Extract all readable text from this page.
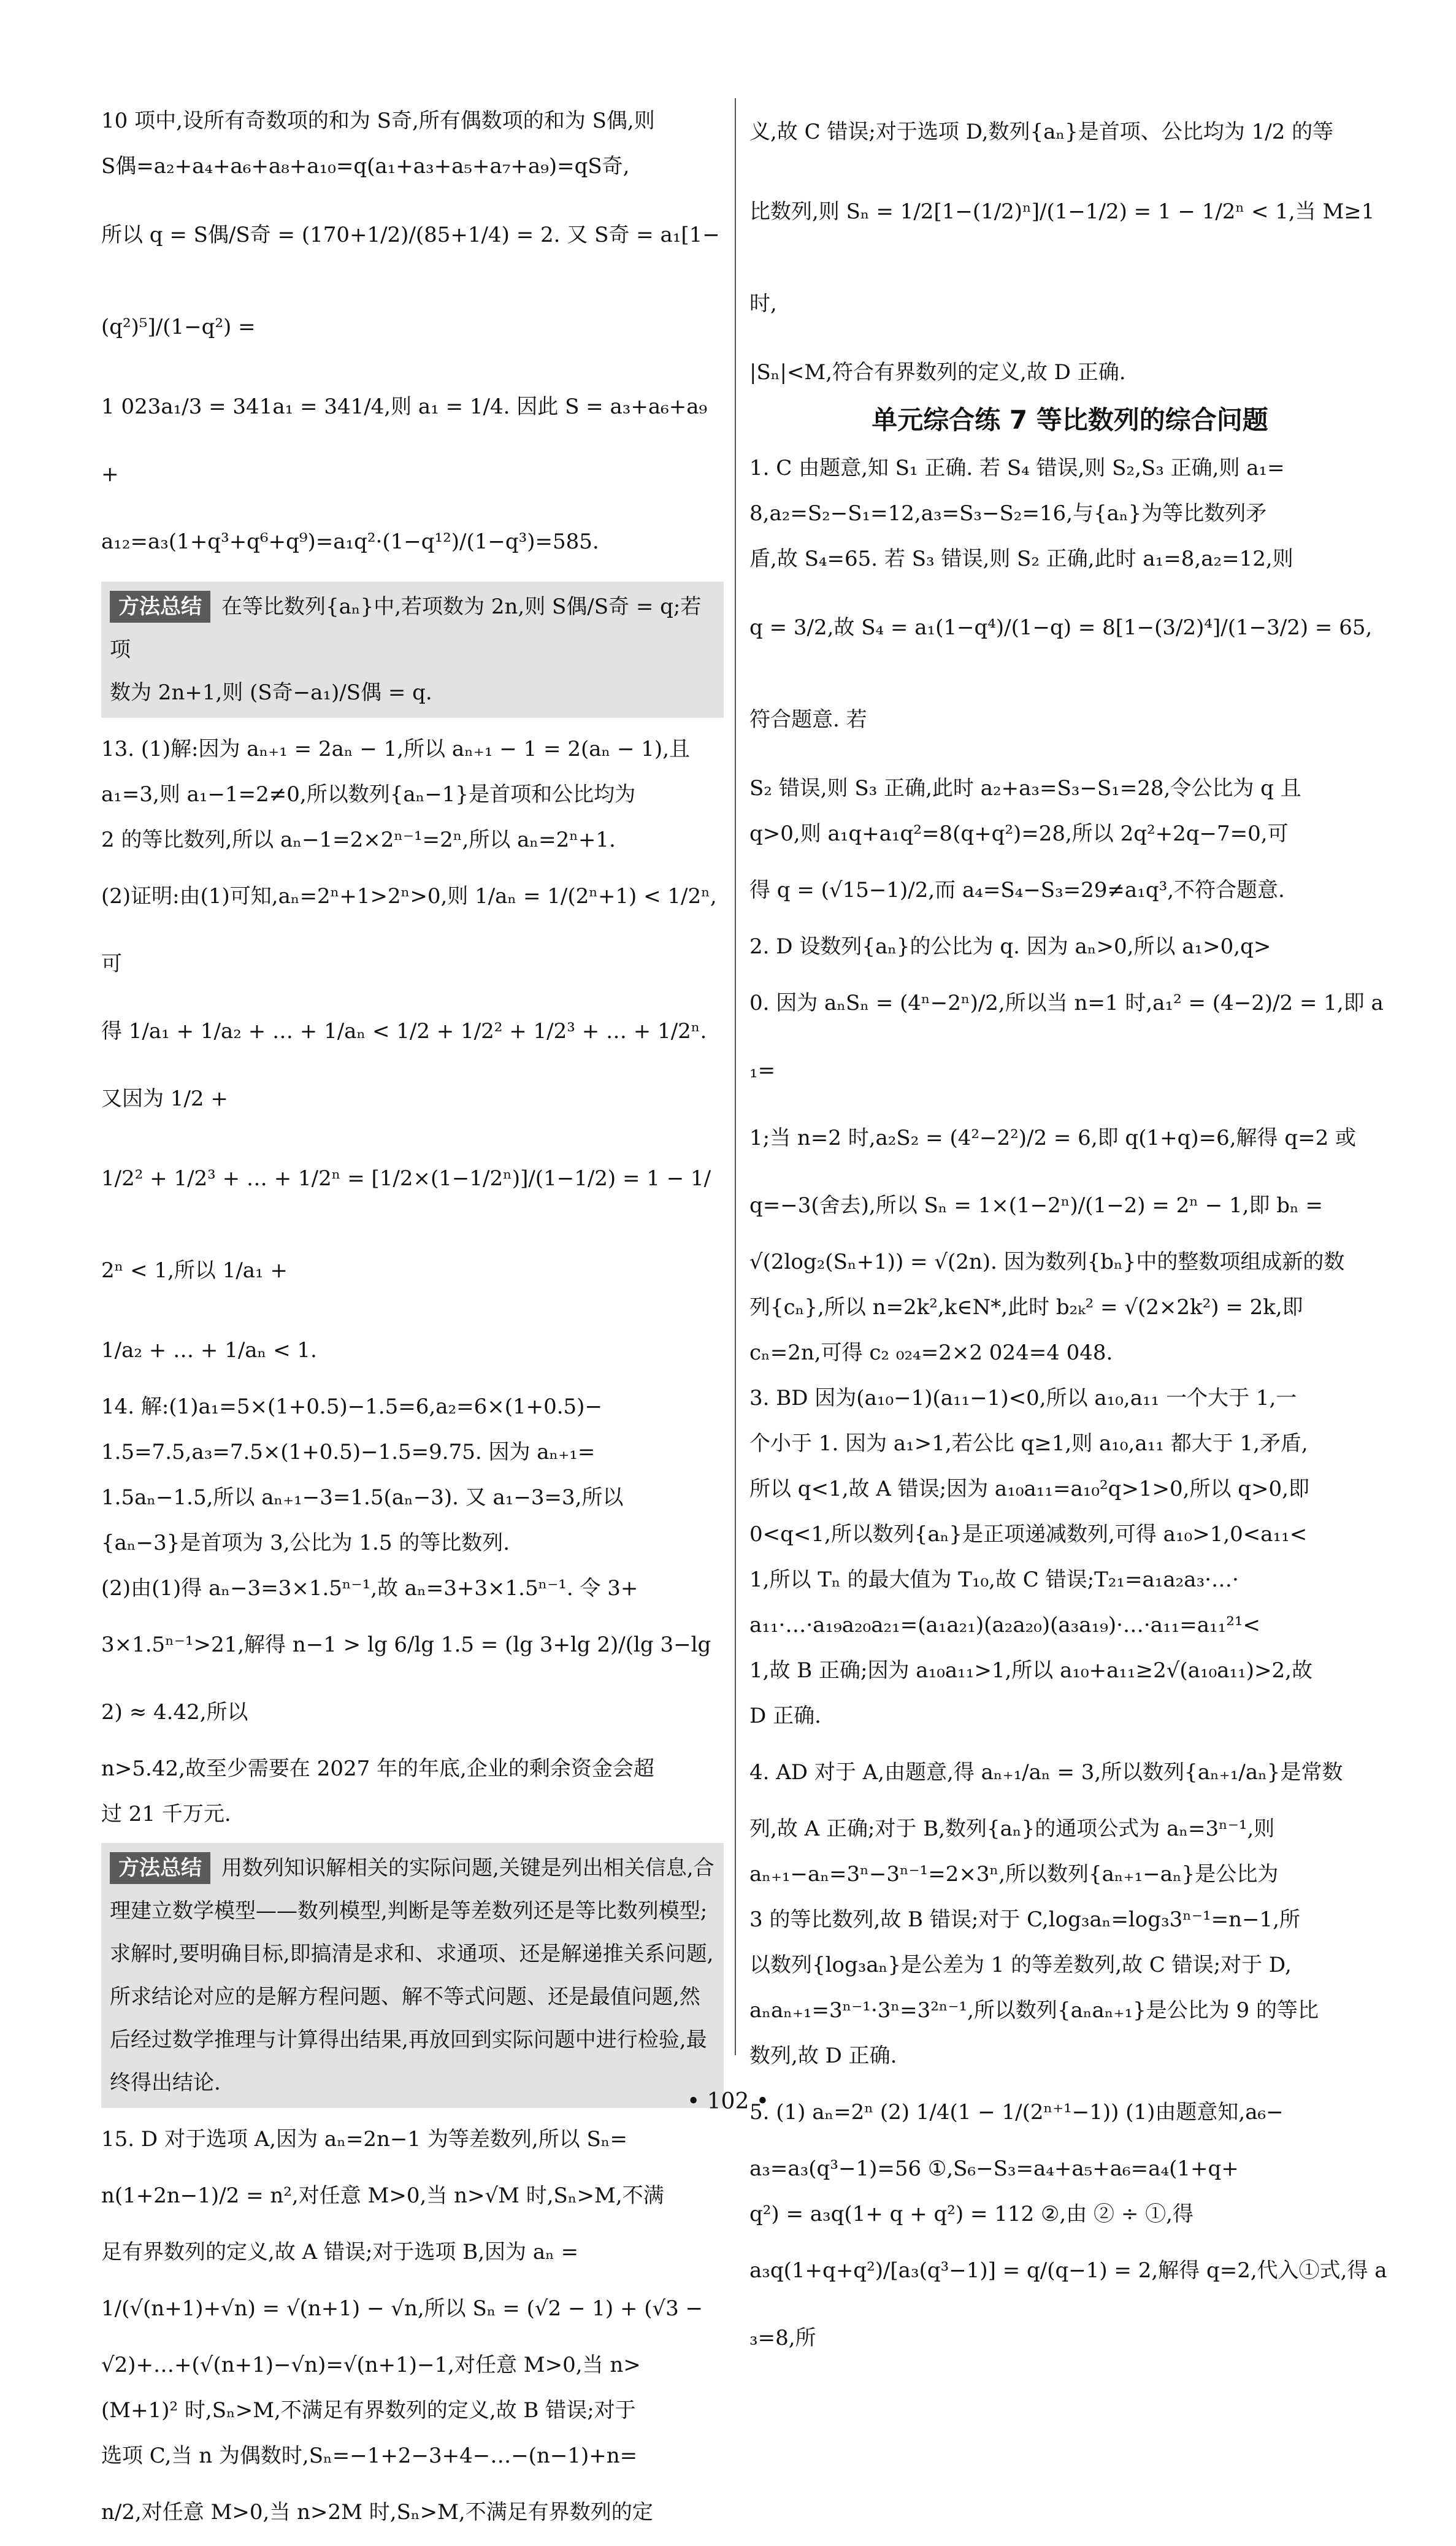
10 项中,设所有奇数项的和为 S奇,所有偶数项的和为 S偶,则
S偶=a₂+a₄+a₆+a₈+a₁₀=q(a₁+a₃+a₅+a₇+a₉)=qS奇,
所以 q = S偶/S奇 = (170+1/2)/(85+1/4) = 2. 又 S奇 = a₁[1−(q²)⁵]/(1−q²) =
1 023a₁/3 = 341a₁ = 341/4,则 a₁ = 1/4. 因此 S = a₃+a₆+a₉+
a₁₂=a₃(1+q³+q⁶+q⁹)=a₁q²·(1−q¹²)/(1−q³)=585.
方法总结 在等比数列{aₙ}中,若项数为 2n,则 S偶/S奇 = q;若项
数为 2n+1,则 (S奇−a₁)/S偶 = q.
13. (1)解:因为 aₙ₊₁ = 2aₙ − 1,所以 aₙ₊₁ − 1 = 2(aₙ − 1),且
a₁=3,则 a₁−1=2≠0,所以数列{aₙ−1}是首项和公比均为
2 的等比数列,所以 aₙ−1=2×2ⁿ⁻¹=2ⁿ,所以 aₙ=2ⁿ+1.
(2)证明:由(1)可知,aₙ=2ⁿ+1>2ⁿ>0,则 1/aₙ = 1/(2ⁿ+1) < 1/2ⁿ,可
得 1/a₁ + 1/a₂ + … + 1/aₙ < 1/2 + 1/2² + 1/2³ + … + 1/2ⁿ. 又因为 1/2 +
1/2² + 1/2³ + … + 1/2ⁿ = [1/2×(1−1/2ⁿ)]/(1−1/2) = 1 − 1/2ⁿ < 1,所以 1/a₁ +
1/a₂ + … + 1/aₙ < 1.
14. 解:(1)a₁=5×(1+0.5)−1.5=6,a₂=6×(1+0.5)−
1.5=7.5,a₃=7.5×(1+0.5)−1.5=9.75. 因为 aₙ₊₁=
1.5aₙ−1.5,所以 aₙ₊₁−3=1.5(aₙ−3). 又 a₁−3=3,所以
{aₙ−3}是首项为 3,公比为 1.5 的等比数列.
(2)由(1)得 aₙ−3=3×1.5ⁿ⁻¹,故 aₙ=3+3×1.5ⁿ⁻¹. 令 3+
3×1.5ⁿ⁻¹>21,解得 n−1 > lg 6/lg 1.5 = (lg 3+lg 2)/(lg 3−lg 2) ≈ 4.42,所以
n>5.42,故至少需要在 2027 年的年底,企业的剩余资金会超
过 21 千万元.
方法总结 用数列知识解相关的实际问题,关键是列出相关信息,合理建立数学模型——数列模型,判断是等差数列还是等比数列模型;求解时,要明确目标,即搞清是求和、求通项、还是解递推关系问题,所求结论对应的是解方程问题、解不等式问题、还是最值问题,然后经过数学推理与计算得出结果,再放回到实际问题中进行检验,最终得出结论.
15. D 对于选项 A,因为 aₙ=2n−1 为等差数列,所以 Sₙ=
n(1+2n−1)/2 = n²,对任意 M>0,当 n>√M 时,Sₙ>M,不满
足有界数列的定义,故 A 错误;对于选项 B,因为 aₙ =
1/(√(n+1)+√n) = √(n+1) − √n,所以 Sₙ = (√2 − 1) + (√3 −
√2)+…+(√(n+1)−√n)=√(n+1)−1,对任意 M>0,当 n>
(M+1)² 时,Sₙ>M,不满足有界数列的定义,故 B 错误;对于
选项 C,当 n 为偶数时,Sₙ=−1+2−3+4−…−(n−1)+n=
n/2,对任意 M>0,当 n>2M 时,Sₙ>M,不满足有界数列的定
义,故 C 错误;对于选项 D,数列{aₙ}是首项、公比均为 1/2 的等
比数列,则 Sₙ = 1/2[1−(1/2)ⁿ]/(1−1/2) = 1 − 1/2ⁿ < 1,当 M≥1 时,
|Sₙ|<M,符合有界数列的定义,故 D 正确.
单元综合练 7 等比数列的综合问题
1. C 由题意,知 S₁ 正确. 若 S₄ 错误,则 S₂,S₃ 正确,则 a₁=
8,a₂=S₂−S₁=12,a₃=S₃−S₂=16,与{aₙ}为等比数列矛
盾,故 S₄=65. 若 S₃ 错误,则 S₂ 正确,此时 a₁=8,a₂=12,则
q = 3/2,故 S₄ = a₁(1−q⁴)/(1−q) = 8[1−(3/2)⁴]/(1−3/2) = 65,符合题意. 若
S₂ 错误,则 S₃ 正确,此时 a₂+a₃=S₃−S₁=28,令公比为 q 且
q>0,则 a₁q+a₁q²=8(q+q²)=28,所以 2q²+2q−7=0,可
得 q = (√15−1)/2,而 a₄=S₄−S₃=29≠a₁q³,不符合题意.
2. D 设数列{aₙ}的公比为 q. 因为 aₙ>0,所以 a₁>0,q>
0. 因为 aₙSₙ = (4ⁿ−2ⁿ)/2,所以当 n=1 时,a₁² = (4−2)/2 = 1,即 a₁=
1;当 n=2 时,a₂S₂ = (4²−2²)/2 = 6,即 q(1+q)=6,解得 q=2 或
q=−3(舍去),所以 Sₙ = 1×(1−2ⁿ)/(1−2) = 2ⁿ − 1,即 bₙ =
√(2log₂(Sₙ+1)) = √(2n). 因为数列{bₙ}中的整数项组成新的数
列{cₙ},所以 n=2k²,k∈N*,此时 b₂ₖ² = √(2×2k²) = 2k,即
cₙ=2n,可得 c₂ ₀₂₄=2×2 024=4 048.
3. BD 因为(a₁₀−1)(a₁₁−1)<0,所以 a₁₀,a₁₁ 一个大于 1,一
个小于 1. 因为 a₁>1,若公比 q≥1,则 a₁₀,a₁₁ 都大于 1,矛盾,
所以 q<1,故 A 错误;因为 a₁₀a₁₁=a₁₀²q>1>0,所以 q>0,即
0<q<1,所以数列{aₙ}是正项递减数列,可得 a₁₀>1,0<a₁₁<
1,所以 Tₙ 的最大值为 T₁₀,故 C 错误;T₂₁=a₁a₂a₃·…·
a₁₁·…·a₁₉a₂₀a₂₁=(a₁a₂₁)(a₂a₂₀)(a₃a₁₉)·…·a₁₁=a₁₁²¹<
1,故 B 正确;因为 a₁₀a₁₁>1,所以 a₁₀+a₁₁≥2√(a₁₀a₁₁)>2,故
D 正确.
4. AD 对于 A,由题意,得 aₙ₊₁/aₙ = 3,所以数列{aₙ₊₁/aₙ}是常数
列,故 A 正确;对于 B,数列{aₙ}的通项公式为 aₙ=3ⁿ⁻¹,则
aₙ₊₁−aₙ=3ⁿ−3ⁿ⁻¹=2×3ⁿ,所以数列{aₙ₊₁−aₙ}是公比为
3 的等比数列,故 B 错误;对于 C,log₃aₙ=log₃3ⁿ⁻¹=n−1,所
以数列{log₃aₙ}是公差为 1 的等差数列,故 C 错误;对于 D,
aₙaₙ₊₁=3ⁿ⁻¹·3ⁿ=3²ⁿ⁻¹,所以数列{aₙaₙ₊₁}是公比为 9 的等比
数列,故 D 正确.
5. (1) aₙ=2ⁿ (2) 1/4(1 − 1/(2ⁿ⁺¹−1)) (1)由题意知,a₆−
a₃=a₃(q³−1)=56 ①,S₆−S₃=a₄+a₅+a₆=a₄(1+q+
q²) = a₃q(1+ q + q²) = 112 ②,由 ② ÷ ①,得
a₃q(1+q+q²)/[a₃(q³−1)] = q/(q−1) = 2,解得 q=2,代入①式,得 a₃=8,所
• 102 •
